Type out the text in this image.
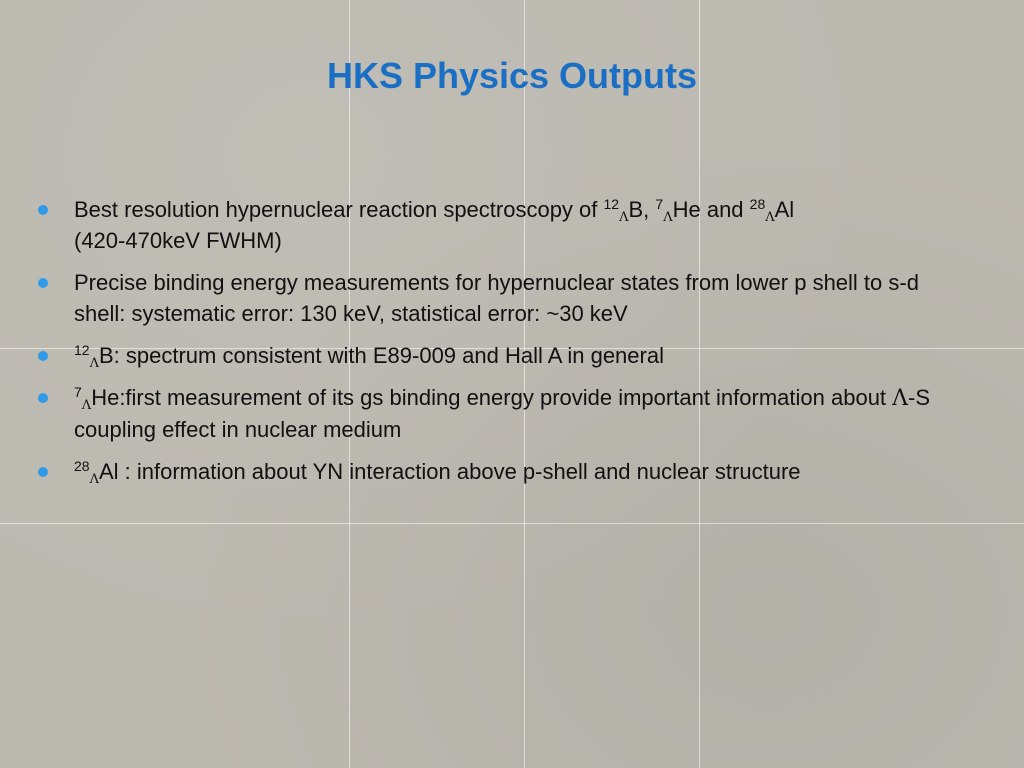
HKS Physics Outputs
Best resolution hypernuclear reaction spectroscopy of $^{12}_\Lambda$B, $^7_\Lambda$He and $^{28}_\Lambda$Al
(420-470keV FWHM)
Precise binding energy measurements for hypernuclear states from lower p shell to s-d shell: systematic error: 130 keV, statistical error: ~30 keV
$^{12}_\Lambda$B: spectrum consistent with E89-009 and Hall A in general
$^7_\Lambda$He:first measurement of its gs binding energy provide important information about Λ-S coupling effect in nuclear medium
$^{28}_\Lambda$Al : information about YN interaction above p-shell and nuclear structure
